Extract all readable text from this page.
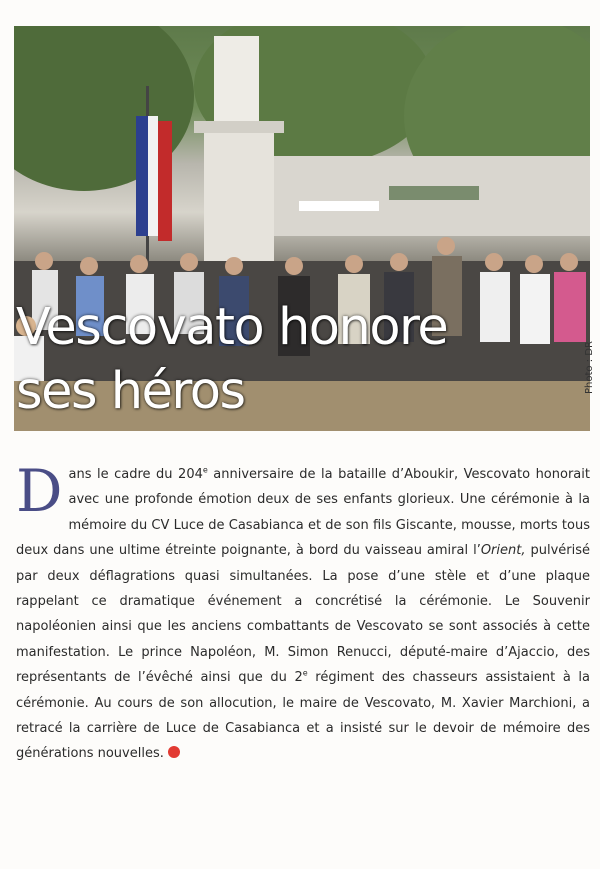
Vescovato honore
ses héros	Photo : DR

Dans le cadre du 204e anniversaire de la bataille d’Aboukir, Vescovato honorait avec une profonde émotion deux de ses enfants glorieux. Une cérémonie à la mémoire du CV Luce de Casabianca et de son fils Giscante, mousse, morts tous deux dans une ultime étreinte poignante, à bord du vaisseau amiral l’Orient, pulvérisé par deux déflagrations quasi simultanées. La pose d’une stèle et d’une plaque rappelant ce dramatique événement a concrétisé la cérémonie. Le Souvenir napoléonien ainsi que les anciens combattants de Vescovato se sont associés à cette manifestation. Le prince Napoléon, M. Simon Renucci, député-maire d’Ajaccio, des représentants de l’évêché ainsi que du 2e régiment des chasseurs assistaient à la cérémonie. Au cours de son allocution, le maire de Vescovato, M. Xavier Marchioni, a retracé la carrière de Luce de Casabianca et a insisté sur le devoir de mémoire des générations nouvelles.
